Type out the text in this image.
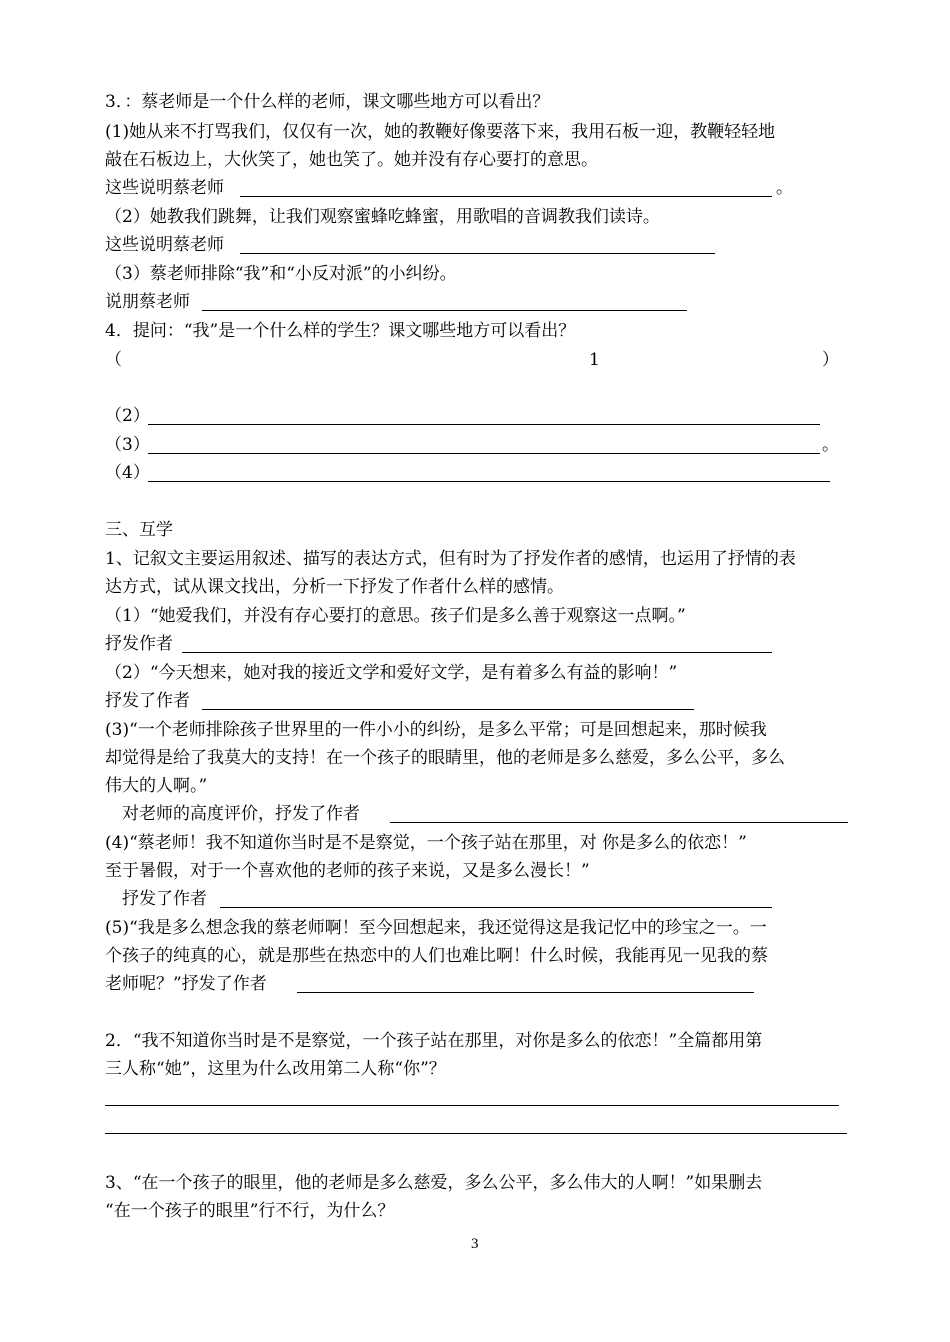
3．：蔡老师是一个什么样的老师，课文哪些地方可以看出？
(1)她从来不打骂我们，仅仅有一次，她的教鞭好像要落下来，我用石板一迎，教鞭轻轻地
敲在石板边上，大伙笑了，她也笑了。她并没有存心要打的意思。
这些说明蔡老师	。
（2）她教我们跳舞，让我们观察蜜蜂吃蜂蜜，用歌唱的音调教我们读诗。
这些说明蔡老师
（3）蔡老师排除“我”和“小反对派”的小纠纷。
说朋蔡老师
4．提问：“我”是一个什么样的学生？课文哪些地方可以看出？
（	1	）
（2）
（3）	。
（4）
三、互学
1、记叙文主要运用叙述、描写的表达方式，但有时为了抒发作者的感情，也运用了抒情的表
达方式，试从课文找出，分析一下抒发了作者什么样的感情。
（1）“她爱我们，并没有存心要打的意思。孩子们是多么善于观察这一点啊。”
抒发作者
（2）“今天想来，她对我的接近文学和爱好文学，是有着多么有益的影响！”
抒发了作者
(3)“一个老师排除孩子世界里的一件小小的纠纷，是多么平常；可是回想起来，那时候我
却觉得是给了我莫大的支持！在一个孩子的眼睛里，他的老师是多么慈爱，多么公平，多么
伟大的人啊。”
对老师的高度评价，抒发了作者
(4)“蔡老师！我不知道你当时是不是察觉，一个孩子站在那里，对 你是多么的依恋！”
至于暑假，对于一个喜欢他的老师的孩子来说，又是多么漫长！”
抒发了作者
(5)“我是多么想念我的蔡老师啊！至今回想起来，我还觉得这是我记忆中的珍宝之一。一
个孩子的纯真的心，就是那些在热恋中的人们也难比啊！什么时候，我能再见一见我的蔡
老师呢？”抒发了作者
2．“我不知道你当时是不是察觉，一个孩子站在那里，对你是多么的依恋！”全篇都用第
三人称“她”，这里为什么改用第二人称“你”？
3、“在一个孩子的眼里，他的老师是多么慈爱，多么公平，多么伟大的人啊！”如果删去
“在一个孩子的眼里”行不行，为什么？
3
